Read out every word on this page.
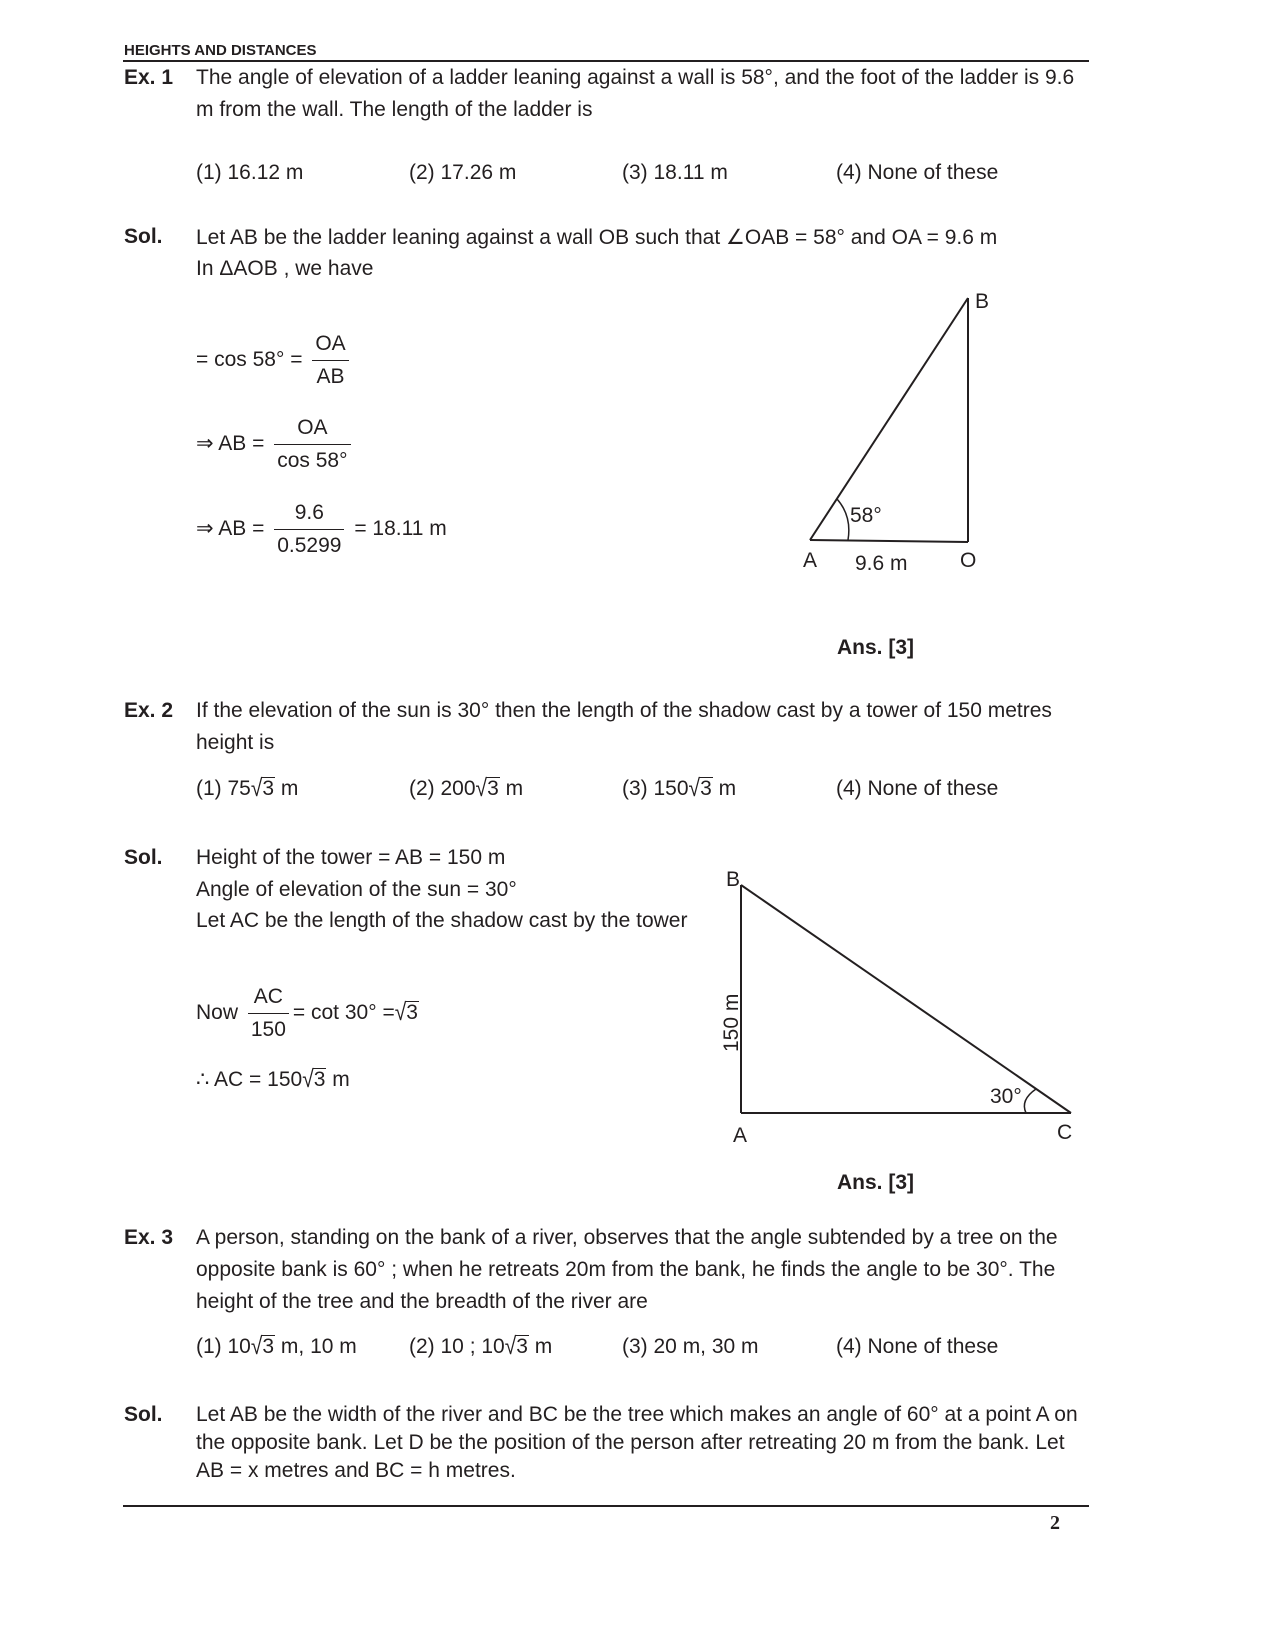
HEIGHTS AND DISTANCES
Ex. 1 The angle of elevation of a ladder leaning against a wall is 58°, and the foot of the ladder is 9.6
m from the wall. The length of the ladder is
(1) 16.12 m	(2) 17.26 m	(3) 18.11 m	(4) None of these
Sol. Let AB be the ladder leaning against a wall OB such that ∠OAB = 58° and OA = 9.6 m
In ΔAOB , we have
= $\cos 58^\circ = \frac{OA}{AB}$
⇒ AB = $\frac{OA}{\cos 58^\circ}$
⇒ AB = $\frac{9.6}{0.5299} = 18.11$ m
B
A	O
58°
9.6 m
Ans. [3]
Ex. 2 If the elevation of the sun is 30° then the length of the shadow cast by a tower of 150 metres
height is
(1) 75√3 m	(2) 200√3 m	(3) 150√3 m	(4) None of these
Sol. Height of the tower = AB = 150 m
Angle of elevation of the sun = 30°
Let AC be the length of the shadow cast by the tower
Now $\frac{AC}{150} = \cot 30^\circ =√3$
∴ AC = 150√3 m
B
A	C
30°
150 m
Ans. [3]
Ex. 3 A person, standing on the bank of a river, observes that the angle subtended by a tree on the
opposite bank is 60° ; when he retreats 20m from the bank, he finds the angle to be 30°. The
height of the tree and the breadth of the river are
(1) 10√3 m, 10 m (2) 10 ; 10√3 m	(3) 20 m, 30 m	(4) None of these
Sol. Let AB be the width of the river and BC be the tree which makes an angle of 60° at a point A on
the opposite bank. Let D be the position of the person after retreating 20 m from the bank. Let
AB = x metres and BC = h metres.
2
